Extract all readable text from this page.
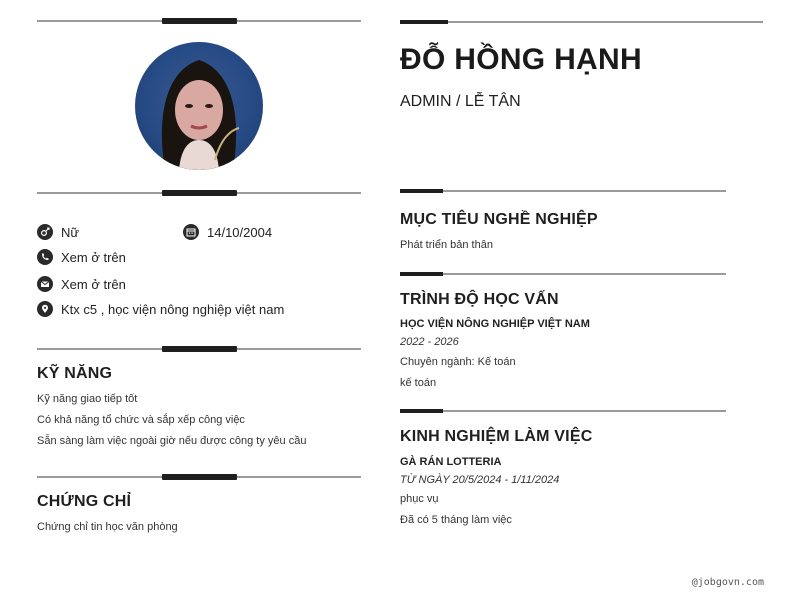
Nữ	14/10/2004
Xem ở trên
Xem ở trên
Ktx c5 , học viện nông nghiệp việt nam
KỸ NĂNG
Kỹ năng giao tiếp tốt
Có khả năng tổ chức và sắp xếp công việc
Sẵn sàng làm việc ngoài giờ nếu được công ty yêu cầu
CHỨNG CHỈ
Chứng chỉ tin học văn phòng
ĐỖ HỒNG HẠNH
ADMIN / LỄ TÂN
MỤC TIÊU NGHỀ NGHIỆP
Phát triển bản thân
TRÌNH ĐỘ HỌC VẤN
HỌC VIỆN NÔNG NGHIỆP VIỆT NAM
2022 - 2026
Chuyên ngành: Kế toán
kế toán
KINH NGHIỆM LÀM VIỆC
GÀ RÁN LOTTERIA
TỪ NGÀY 20/5/2024 - 1/11/2024
phục vụ
Đã có 5 tháng làm việc
@jobgovn.com
